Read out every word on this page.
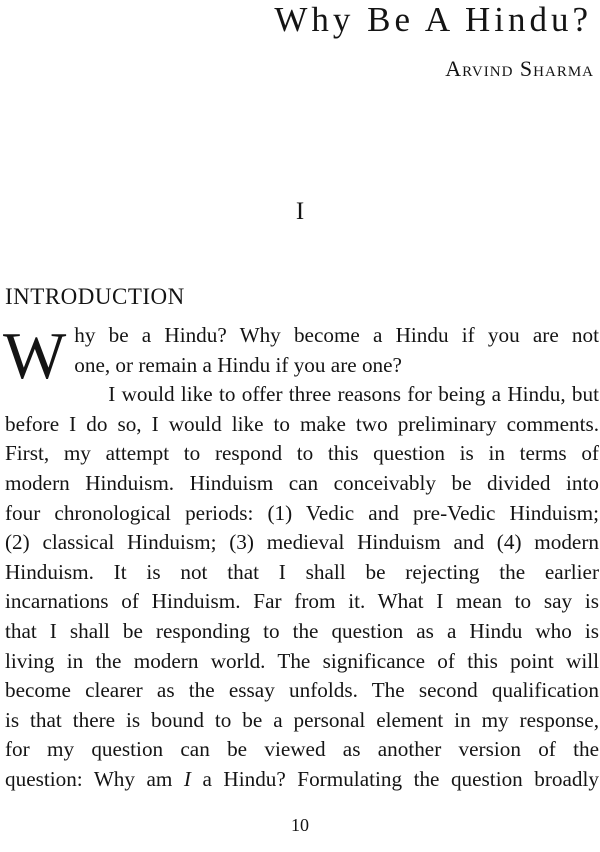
Why Be A Hindu?
Arvind Sharma

I

INTRODUCTION
W hy be a Hindu? Why become a Hindu if you are not
one, or remain a Hindu if you are one?
I would like to offer three reasons for being a Hindu, but
before I do so, I would like to make two preliminary comments.
First, my attempt to respond to this question is in terms of
modern Hinduism. Hinduism can conceivably be divided into
four chronological periods: (1) Vedic and pre-Vedic Hinduism;
(2) classical Hinduism; (3) medieval Hinduism and (4) modern
Hinduism. It is not that I shall be rejecting the earlier
incarnations of Hinduism. Far from it. What I mean to say is
that I shall be responding to the question as a Hindu who is
living in the modern world. The significance of this point will
become clearer as the essay unfolds. The second qualification
is that there is bound to be a personal element in my response,
for my question can be viewed as another version of the
question: Why am I a Hindu? Formulating the question broadly

10
